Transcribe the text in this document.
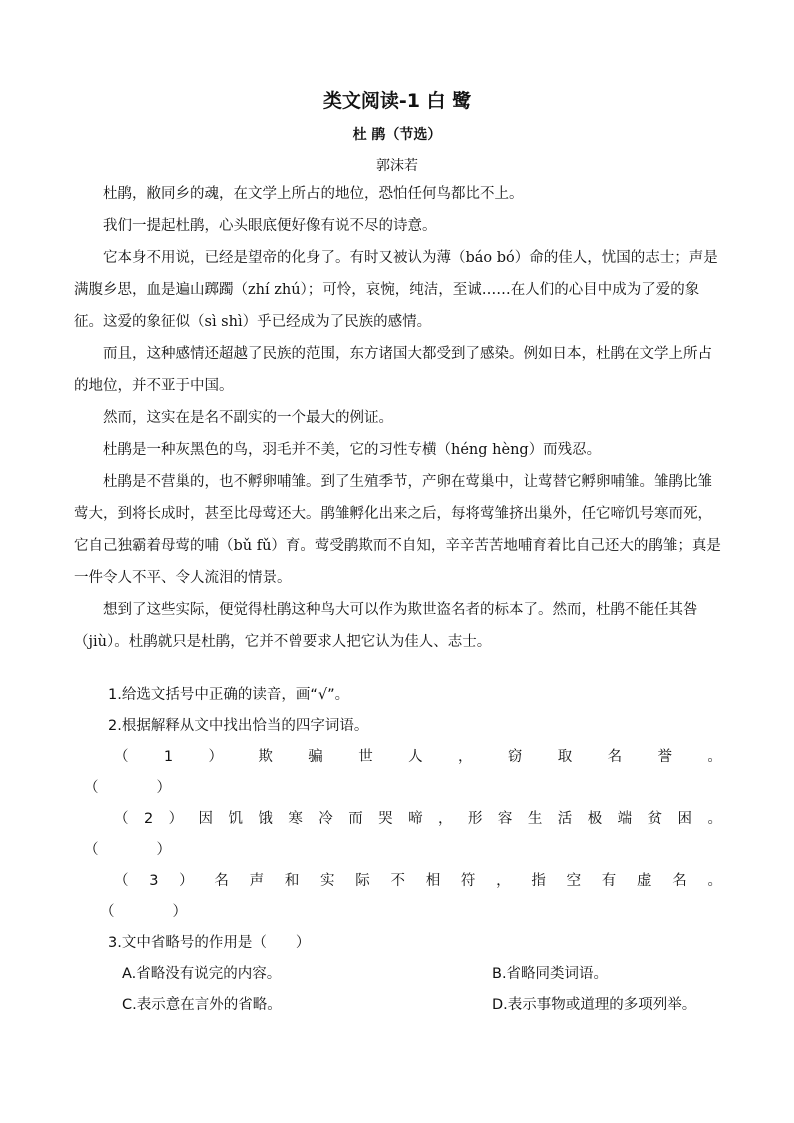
类文阅读-1 白 鹭
杜 鹃（节选）
郭沫若

杜鹃，敝同乡的魂，在文学上所占的地位，恐怕任何鸟都比不上。

我们一提起杜鹃，心头眼底便好像有说不尽的诗意。

它本身不用说，已经是望帝的化身了。有时又被认为薄（báo bó）命的佳人，忧国的志士；声是满腹乡思，血是遍山踯躅（zhí zhú）；可怜，哀惋，纯洁，至诚……在人们的心目中成为了爱的象征。这爱的象征似（sì shì）乎已经成为了民族的感情。

而且，这种感情还超越了民族的范围，东方诸国大都受到了感染。例如日本，杜鹃在文学上所占的地位，并不亚于中国。

然而，这实在是名不副实的一个最大的例证。

杜鹃是一种灰黑色的鸟，羽毛并不美，它的习性专横（héng hèng）而残忍。

杜鹃是不营巢的，也不孵卵哺雏。到了生殖季节，产卵在莺巢中，让莺替它孵卵哺雏。雏鹃比雏莺大，到将长成时，甚至比母莺还大。鹃雏孵化出来之后，每将莺雏挤出巢外，任它啼饥号寒而死，它自己独霸着母莺的哺（bǔ fǔ）育。莺受鹃欺而不自知，辛辛苦苦地哺育着比自己还大的鹃雏；真是一件令人不平、令人流泪的情景。

想到了这些实际，便觉得杜鹃这种鸟大可以作为欺世盗名者的标本了。然而，杜鹃不能任其咎（jiù）。杜鹃就只是杜鹃，它并不曾要求人把它认为佳人、志士。

1.给选文括号中正确的读音，画“√”。
2.根据解释从文中找出恰当的四字词语。
（ 1 ） 欺 骗 世 人 ， 窃 取 名 誉 。
（　　　　）
（ 2 ） 因 饥 饿 寒 冷 而 哭 啼 ， 形 容 生 活 极 端 贫 困 。
（　　　　）
（ 3 ） 名 声 和 实 际 不 相 符 ， 指 空 有 虚 名 。
（　　　　）
3.文中省略号的作用是（　　）
A.省略没有说完的内容。	B.省略同类词语。
C.表示意在言外的省略。	D.表示事物或道理的多项列举。
